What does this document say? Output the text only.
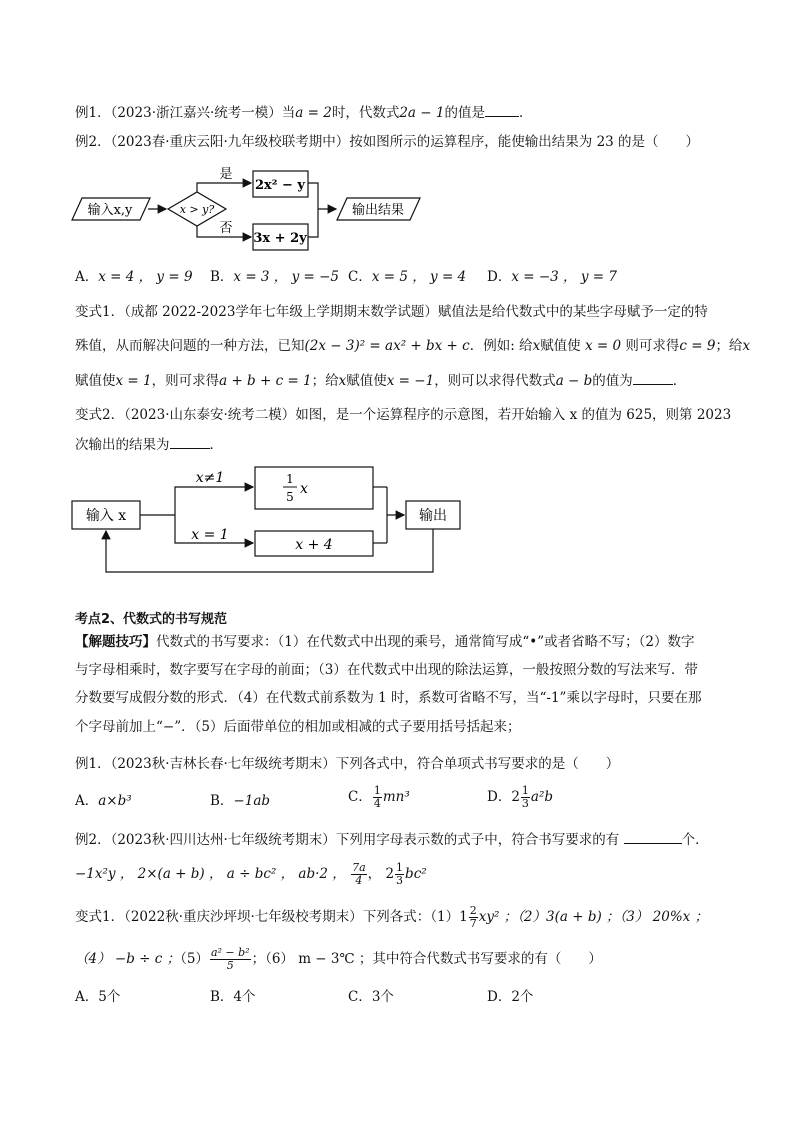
例1．（2023·浙江嘉兴·统考一模）当a = 2时，代数式2a − 1的值是	．
例2．（2023春·重庆云阳·九年级校联考期中）按如图所示的运算程序，能使输出结果为 23 的是（　　）
输入x,y	x > y?
是
否
2x² − y
3x + 2y
输出结果
A．x = 4 ， y = 9 B．x = 3 ， y = −5 C．x = 5 ， y = 4 D．x = −3 ， y = 7
变式1．（成都 2022-2023学年七年级上学期期末数学试题）赋值法是给代数式中的某些字母赋予一定的特
殊值，从而解决问题的一种方法，已知(2x − 3)² = ax² + bx + c．例如: 给x赋值使 x = 0 则可求得c = 9；给x
赋值使x = 1，则可求得a + b + c = 1；给x赋值使x = −1，则可以求得代数式a − b的值为	．
变式2．（2023·山东泰安·统考二模）如图，是一个运算程序的示意图，若开始输入 x 的值为 625，则第 2023
次输出的结果为	．
输入 x
x≠1
x = 1
1
5 x
x + 4
输出
考点2、代数式的书写规范
【解题技巧】代数式的书写要求：（1）在代数式中出现的乘号，通常简写成“•”或者省略不写；（2）数字
与字母相乘时，数字要写在字母的前面；（3）在代数式中出现的除法运算，一般按照分数的写法来写．带
分数要写成假分数的形式．（4）在代数式前系数为 1 时，系数可省略不写，当“-1”乘以字母时，只要在那
个字母前加上“−”．（5）后面带单位的相加或相减的式子要用括号括起来；
例1．（2023秋·吉林长春·七年级统考期末）下列各式中，符合单项式书写要求的是（　　）
A．a×b³	B．−1ab	C． $\frac{1}{4} mn^3$	D．$2 \frac{1}{3} a^2b$
例2．（2023秋·四川达州·七年级统考期末）下列用字母表示数的式子中，符合书写要求的有	个．
−1x²y ， 2×(a + b) ， a ÷ bc² ， ab·2 ， $\frac{7a}{4}$ ， $2 \frac{1}{3} bc^2$
变式1．（2022秋·重庆沙坪坝·七年级校考期末）下列各式：$(1)1 \frac{2}{7} xy^2$ ；（2）3(a + b) ；（3） 20%x ；
（4） −b ÷ c ；$(5) \frac{\text{a² − b²}}{5}$ ；（6） m − 3℃ ；其中符合代数式书写要求的有（　　）
A．5个	B．4个	C．3个	D．2个
